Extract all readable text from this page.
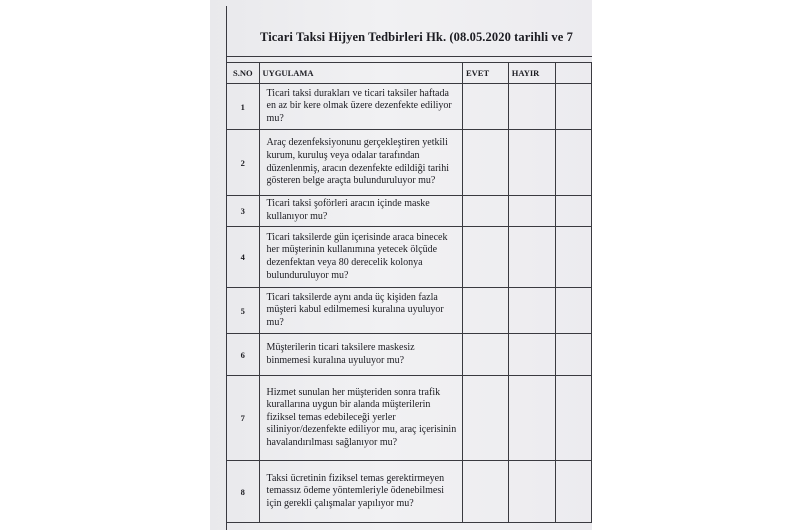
Ticari Taksi Hijyen Tedbirleri Hk. (08.05.2020 tarihli ve 7
S.NO	UYGULAMA	EVET	HAYIR	
1	Ticari taksi durakları ve ticari taksiler haftada en az bir kere olmak üzere dezenfekte ediliyor mu?			
2	Araç dezenfeksiyonunu gerçekleştiren yetkili kurum, kuruluş veya odalar tarafından düzenlenmiş, aracın dezenfekte edildiği tarihi gösteren belge araçta bulunduruluyor mu?			
3	Ticari taksi şoförleri aracın içinde maske kullanıyor mu?			
4	Ticari taksilerde gün içerisinde araca binecek her müşterinin kullanımına yetecek ölçüde dezenfektan veya 80 derecelik kolonya bulunduruluyor mu?			
5	Ticari taksilerde aynı anda üç kişiden fazla müşteri kabul edilmemesi kuralına uyuluyor mu?			
6	Müşterilerin ticari taksilere maskesiz binmemesi kuralına uyuluyor mu?			
7	Hizmet sunulan her müşteriden sonra trafik kurallarına uygun bir alanda müşterilerin fiziksel temas edebileceği yerler siliniyor/dezenfekte ediliyor mu, araç içerisinin havalandırılması sağlanıyor mu?			
8	Taksi ücretinin fiziksel temas gerektirmeyen temassız ödeme yöntemleriyle ödenebilmesi için gerekli çalışmalar yapılıyor mu?			
